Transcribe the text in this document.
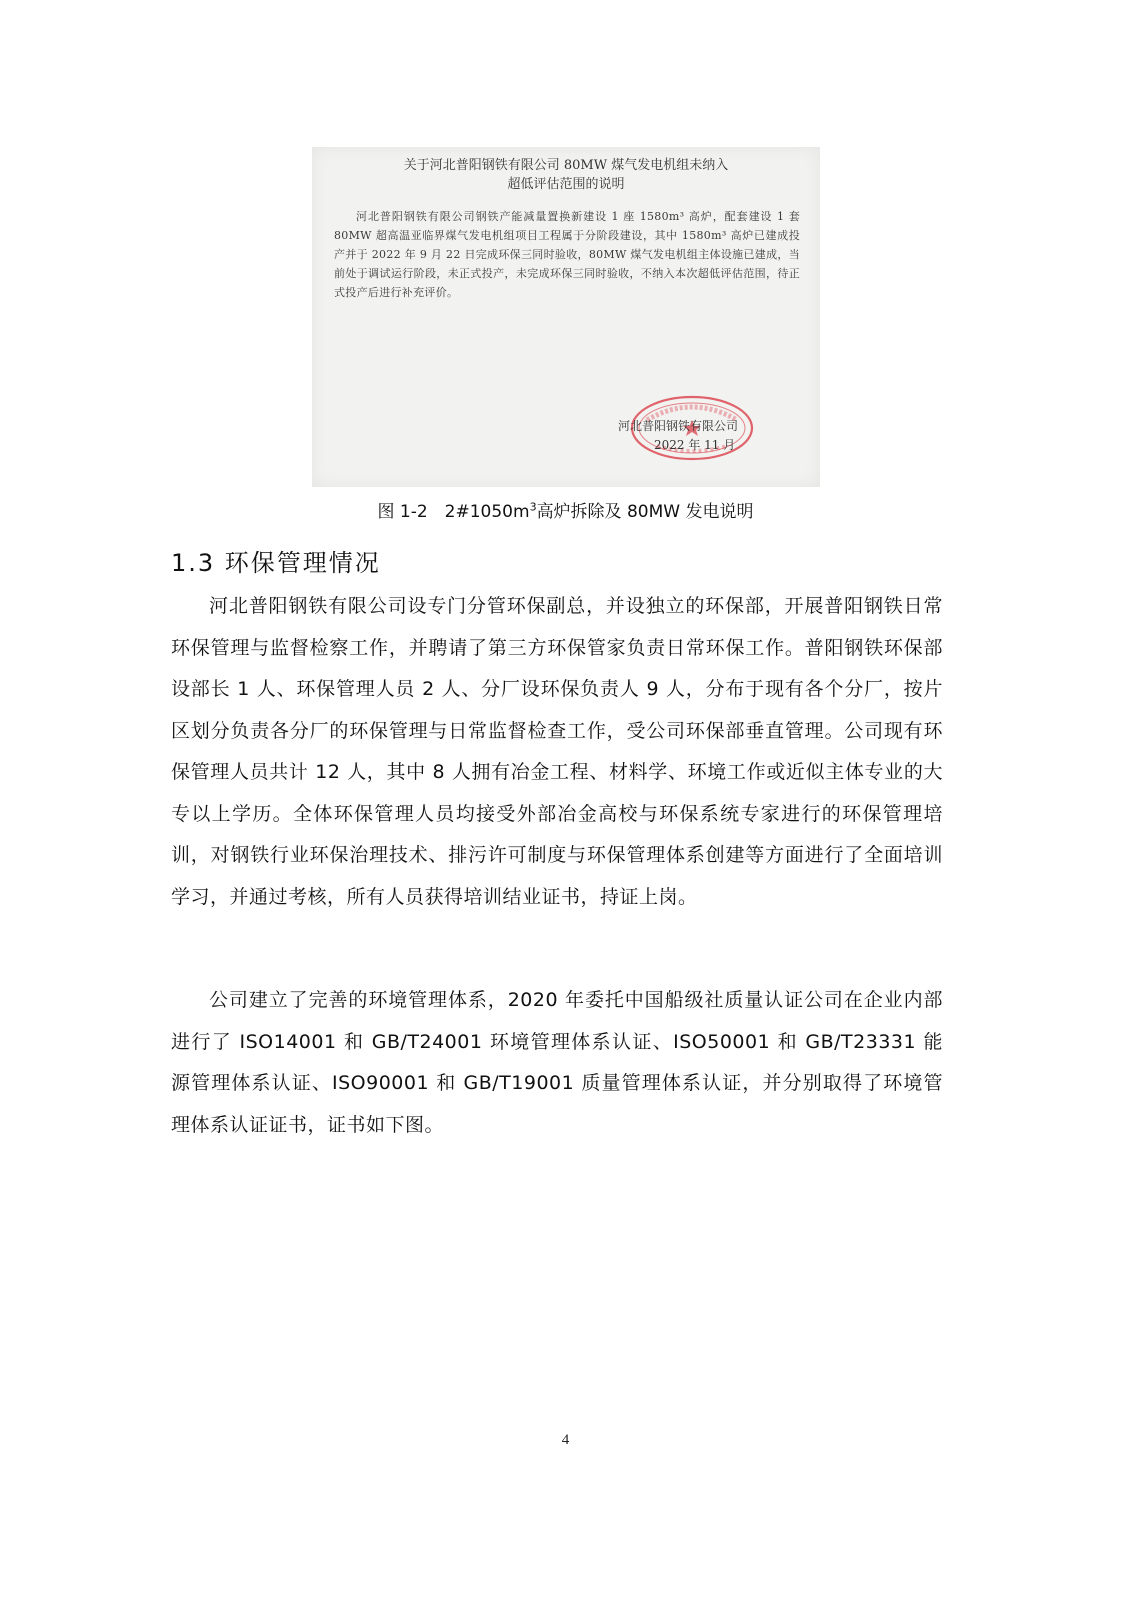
关于河北普阳钢铁有限公司 80MW 煤气发电机组未纳入
超低评估范围的说明
河北普阳钢铁有限公司钢铁产能减量置换新建设 1 座 1580m³ 高炉，配套建设 1 套 80MW 超高温亚临界煤气发电机组项目工程属于分阶段建设，其中 1580m³ 高炉已建成投产并于 2022 年 9 月 22 日完成环保三同时验收，80MW 煤气发电机组主体设施已建成，当前处于调试运行阶段，未正式投产，未完成环保三同时验收，不纳入本次超低评估范围，待正式投产后进行补充评价。
河北普阳钢铁有限公司
2022 年 11 月
图 1-2　$2\#1050m^3$高炉拆除及 80MW 发电说明
1.3 环保管理情况
河北普阳钢铁有限公司设专门分管环保副总，并设独立的环保部，开展普阳钢铁日常环保管理与监督检察工作，并聘请了第三方环保管家负责日常环保工作。普阳钢铁环保部设部长 1 人、环保管理人员 2 人、分厂设环保负责人 9 人，分布于现有各个分厂，按片区划分负责各分厂的环保管理与日常监督检查工作，受公司环保部垂直管理。公司现有环保管理人员共计 12 人，其中 8 人拥有冶金工程、材料学、环境工作或近似主体专业的大专以上学历。全体环保管理人员均接受外部冶金高校与环保系统专家进行的环保管理培训，对钢铁行业环保治理技术、排污许可制度与环保管理体系创建等方面进行了全面培训学习，并通过考核，所有人员获得培训结业证书，持证上岗。
公司建立了完善的环境管理体系，2020 年委托中国船级社质量认证公司在企业内部进行了 ISO14001 和 GB/T24001 环境管理体系认证、ISO50001 和 GB/T23331 能源管理体系认证、ISO90001 和 GB/T19001 质量管理体系认证，并分别取得了环境管理体系认证证书，证书如下图。
4
